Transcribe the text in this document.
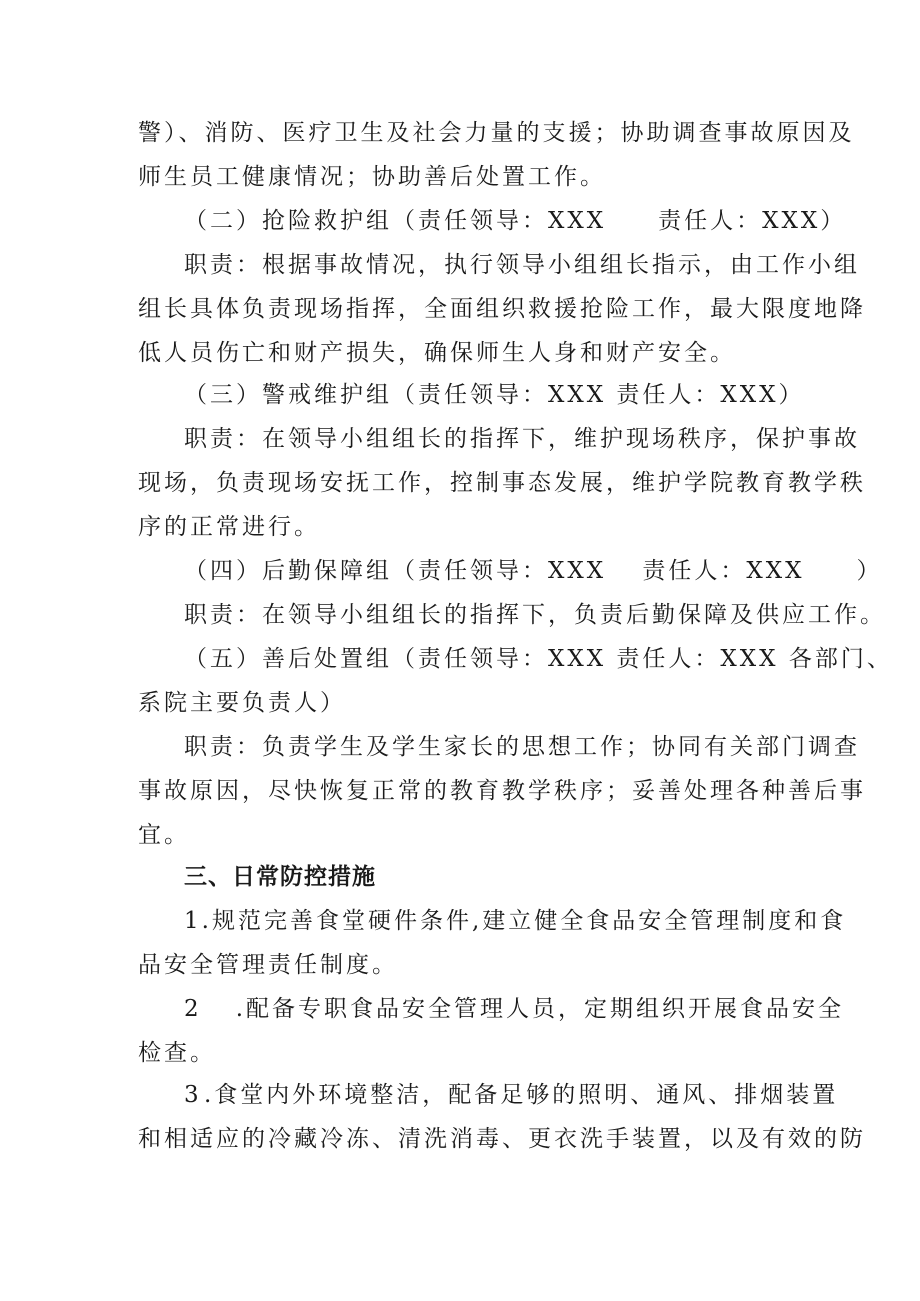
警）、消防、医疗卫生及社会力量的支援；协助调查事故原因及
师生员工健康情况；协助善后处置工作。
（二）抢险救护组（责任领导：XXX　　责任人：XXX）
职责：根据事故情况，执行领导小组组长指示，由工作小组
组长具体负责现场指挥，全面组织救援抢险工作，最大限度地降
低人员伤亡和财产损失，确保师生人身和财产安全。
（三）警戒维护组（责任领导：XXX 责任人：XXX）
职责：在领导小组组长的指挥下，维护现场秩序，保护事故
现场，负责现场安抚工作，控制事态发展，维护学院教育教学秩
序的正常进行。
（四）后勤保障组（责任领导：XXX　 责任人：XXX　　）
职责：在领导小组组长的指挥下，负责后勤保障及供应工作。
（五）善后处置组（责任领导：XXX 责任人：XXX 各部门、
系院主要负责人）
职责：负责学生及学生家长的思想工作；协同有关部门调查
事故原因，尽快恢复正常的教育教学秩序；妥善处理各种善后事
宜。
三、日常防控措施
1 .规范完善食堂硬件条件,建立健全食品安全管理制度和食
品安全管理责任制度。
2	.配备专职食品安全管理人员，定期组织开展食品安全
检查。
3 .食堂内外环境整洁，配备足够的照明、通风、排烟装置
和相适应的冷藏冷冻、清洗消毒、更衣洗手装置，以及有效的防
